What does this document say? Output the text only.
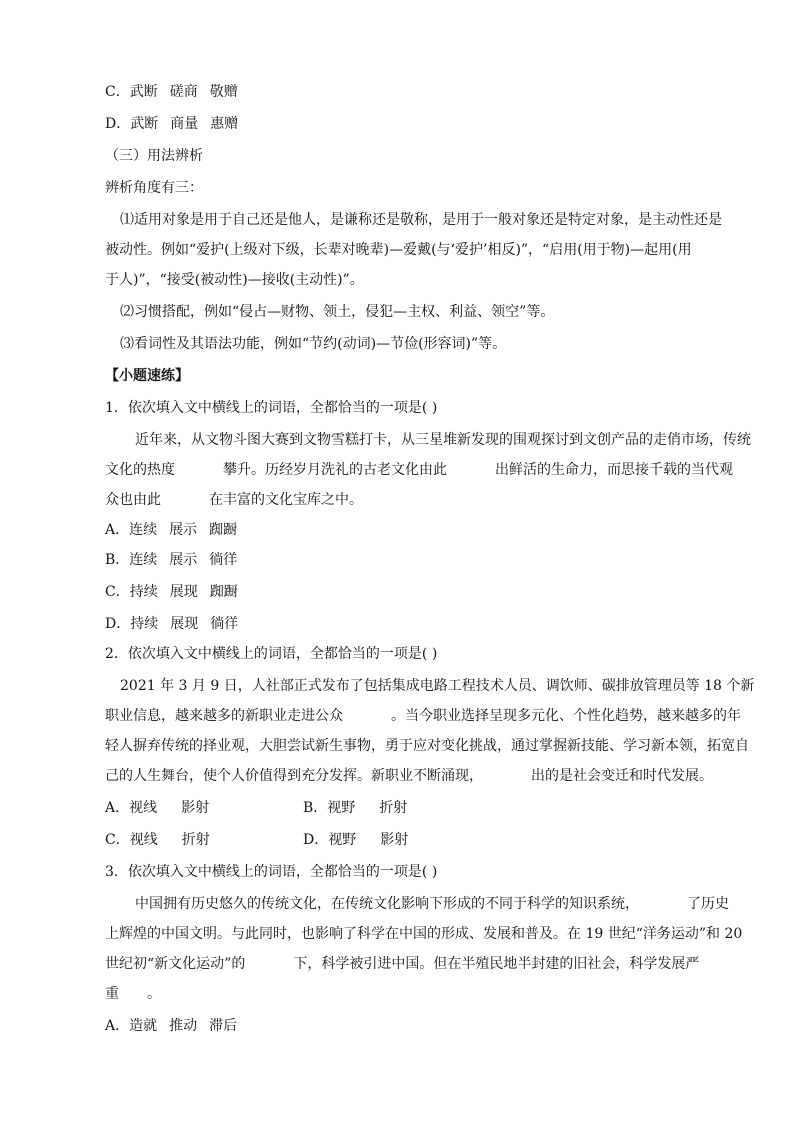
C．武断 磋商 敬赠
D．武断 商量 惠赠
（三）用法辨析
辨析角度有三：
⑴适用对象是用于自己还是他人，是谦称还是敬称，是用于一般对象还是特定对象，是主动性还是
被动性。例如“爱护(上级对下级，长辈对晚辈)—爱戴(与‘爱护’相反)”，“启用(用于物)—起用(用
于人)”，“接受(被动性)—接收(主动性)”。
⑵习惯搭配，例如“侵占—财物、领土，侵犯—主权、利益、领空”等。
⑶看词性及其语法功能，例如“节约(动词)—节俭(形容词)”等。
【小题速练】
1．依次填入文中横线上的词语，全都恰当的一项是( )
近年来，从文物斗图大赛到文物雪糕打卡，从三星堆新发现的围观探讨到文创产品的走俏市场，传统
文化的热度	攀升。历经岁月洗礼的古老文化由此	出鲜活的生命力，而思接千载的当代观
众也由此	在丰富的文化宝库之中。
A．连续 展示 踟蹰
B．连续 展示 徜徉
C．持续 展现 踟蹰
D．持续 展现 徜徉
2．依次填入文中横线上的词语，全都恰当的一项是( )
2021 年 3 月 9 日，人社部正式发布了包括集成电路工程技术人员、调饮师、碳排放管理员等 18 个新
职业信息，越来越多的新职业走进公众	。当今职业选择呈现多元化、个性化趋势，越来越多的年
轻人摒弃传统的择业观，大胆尝试新生事物，勇于应对变化挑战，通过掌握新技能、学习新本领，拓宽自
己的人生舞台，使个人价值得到充分发挥。新职业不断涌现，	出的是社会变迁和时代发展。
A．视线 影射	B．视野 折射
C．视线 折射	D．视野 影射
3．依次填入文中横线上的词语，全都恰当的一项是( )
中国拥有历史悠久的传统文化，在传统文化影响下形成的不同于科学的知识系统，	了历史
上辉煌的中国文明。与此同时，也影响了科学在中国的形成、发展和普及。在 19 世纪“洋务运动”和 20
世纪初“新文化运动”的	下，科学被引进中国。但在半殖民地半封建的旧社会，科学发展严
重 。
A．造就 推动 滞后
